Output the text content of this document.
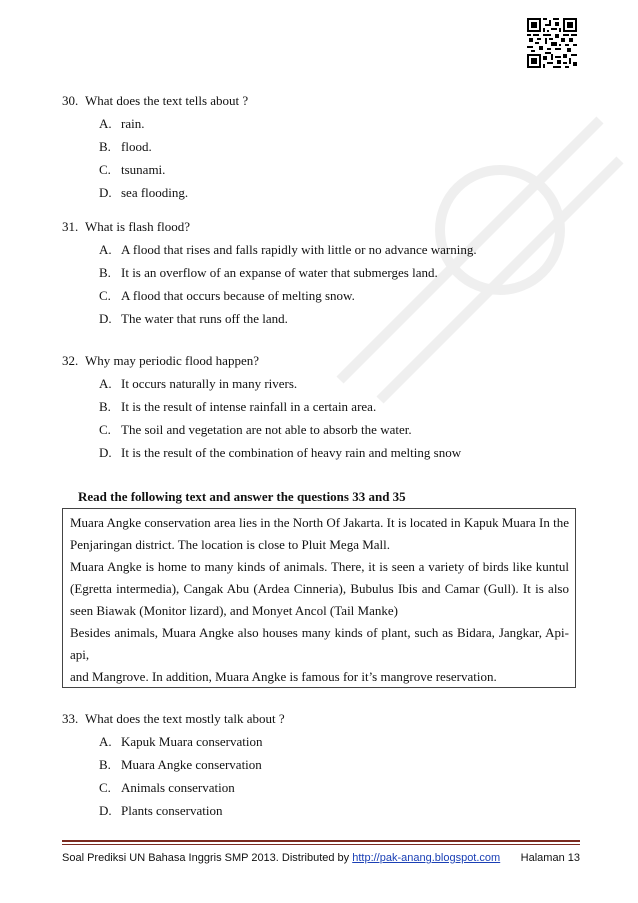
30. What does the text tells about ?
A. rain.
B. flood.
C. tsunami.
D. sea flooding.
31. What is flash flood?
A. A flood that rises and falls rapidly with little or no advance warning.
B. It is an overflow of an expanse of water that submerges land.
C. A flood that occurs because of melting snow.
D. The water that runs off the land.
32. Why may periodic flood happen?
A. It occurs naturally in many rivers.
B. It is the result of intense rainfall in a certain area.
C. The soil and vegetation are not able to absorb the water.
D. It is the result of the combination of heavy rain and melting snow
Read the following text and answer the questions 33 and 35

Muara Angke conservation area lies in the North Of Jakarta. It is located in Kapuk Muara In the

Penjaringan district. The location is close to Pluit Mega Mall.

Muara Angke is home to many kinds of animals. There, it is seen a variety of birds like kuntul

(Egretta intermedia), Cangak Abu (Ardea Cinneria), Bubulus Ibis and Camar (Gull). It is also

seen Biawak (Monitor lizard), and Monyet Ancol (Tail Manke)

Besides animals, Muara Angke also houses many kinds of plant, such as Bidara, Jangkar, Api-

api,

and Mangrove. In addition, Muara Angke is famous for it’s mangrove reservation.

33. What does the text mostly talk about ?
A. Kapuk Muara conservation
B. Muara Angke conservation
C. Animals conservation
D. Plants conservation
Soal Prediksi UN Bahasa Inggris SMP 2013. Distributed by http://pak-anang.blogspot.com Halaman 13
